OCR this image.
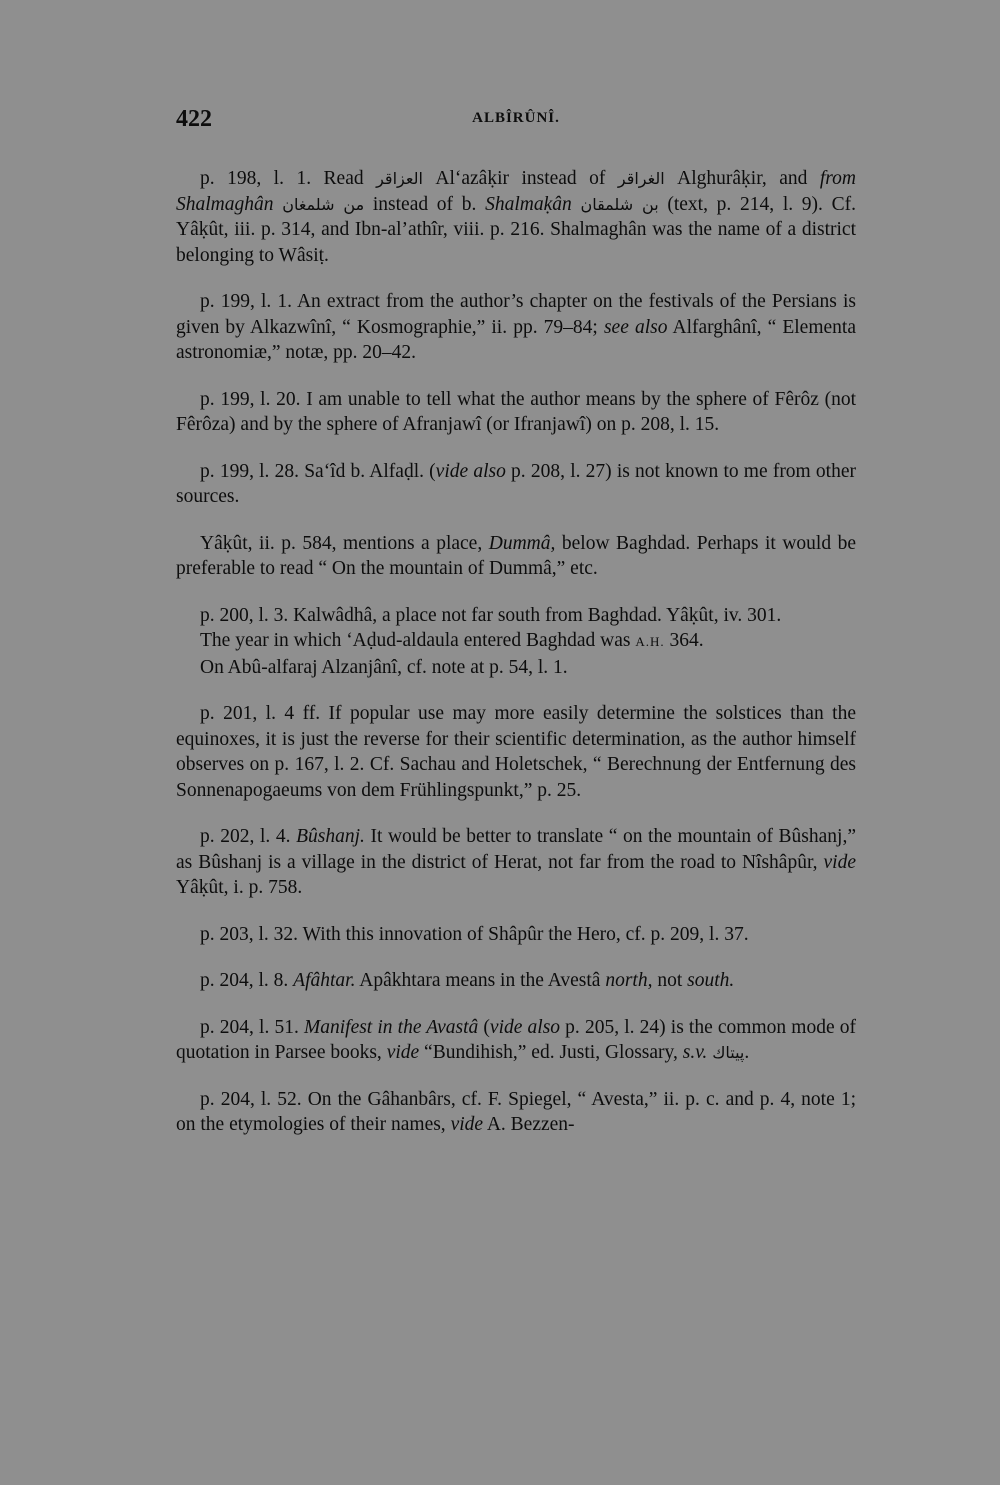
422	ALBÎRÛNÎ.

p. 198, l. 1. Read العزاقر Al‘azâḳir instead of الغراقر Alghurâḳir, and from Shalmaghân من شلمغان instead of b. Shalmaḳân بن شلمقان (text, p. 214, l. 9). Cf. Yâḳût, iii. p. 314, and Ibn-al’athîr, viii. p. 216. Shalmaghân was the name of a district belonging to Wâsiṭ.

p. 199, l. 1. An extract from the author’s chapter on the festivals of the Persians is given by Alkazwînî, “ Kosmographie,” ii. pp. 79–84; see also Alfarghânî, “ Elementa astronomiæ,” notæ, pp. 20–42.

p. 199, l. 20. I am unable to tell what the author means by the sphere of Fêrôz (not Fêrôza) and by the sphere of Afranjawî (or Ifranjawî) on p. 208, l. 15.

p. 199, l. 28. Sa‘îd b. Alfaḍl. (vide also p. 208, l. 27) is not known to me from other sources.

Yâḳût, ii. p. 584, mentions a place, Dummâ, below Baghdad. Perhaps it would be preferable to read “ On the mountain of Dummâ,” etc.

p. 200, l. 3. Kalwâdhâ, a place not far south from Baghdad. Yâḳût, iv. 301.

The year in which ‘Aḍud-aldaula entered Baghdad was A.H. 364.

On Abû-alfaraj Alzanjânî, cf. note at p. 54, l. 1.

p. 201, l. 4 ff. If popular use may more easily determine the solstices than the equinoxes, it is just the reverse for their scientific determination, as the author himself observes on p. 167, l. 2. Cf. Sachau and Holetschek, “ Berechnung der Entfernung des Sonnenapogaeums von dem Frühlingspunkt,” p. 25.

p. 202, l. 4. Bûshanj. It would be better to translate “ on the mountain of Bûshanj,” as Bûshanj is a village in the district of Herat, not far from the road to Nîshâpûr, vide Yâḳût, i. p. 758.

p. 203, l. 32. With this innovation of Shâpûr the Hero, cf. p. 209, l. 37.

p. 204, l. 8. Afâhtar. Apâkhtara means in the Avestâ north, not south.

p. 204, l. 51. Manifest in the Avastâ (vide also p. 205, l. 24) is the common mode of quotation in Parsee books, vide “Bundihish,” ed. Justi, Glossary, s.v. پیتاك.

p. 204, l. 52. On the Gâhanbârs, cf. F. Spiegel, “ Avesta,” ii. p. c. and p. 4, note 1; on the etymologies of their names, vide A. Bezzen-
